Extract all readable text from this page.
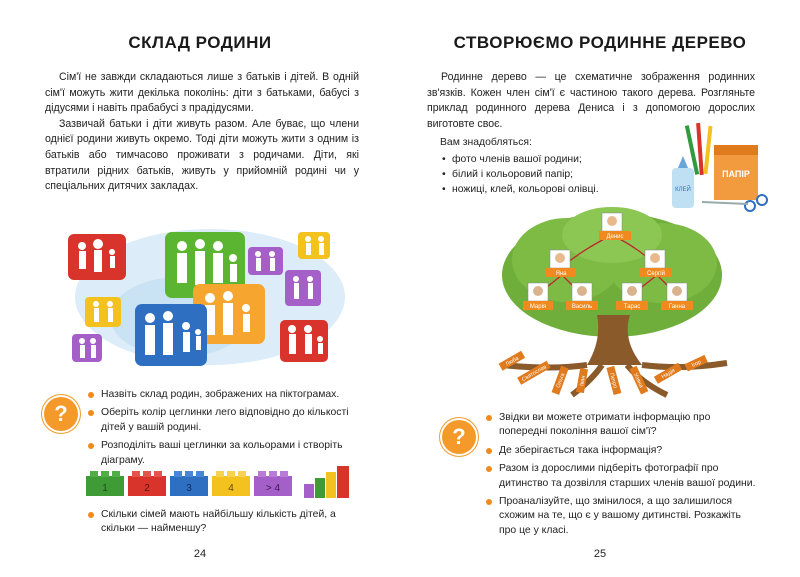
СКЛАД РОДИНИ

Сім'ї не завжди складаються лише з батьків і дітей. В одній сім'ї можуть жити декілька поколінь: діти з батьками, бабусі з дідусями і навіть прабабусі з прадідусями.

Зазвичай батьки і діти живуть разом. Але буває, що члени однієї родини живуть окремо. Тоді діти можуть жити з одним із батьків або тимчасово проживати з родичами. Діти, які втратили рідних батьків, живуть у прийомній родині чи у спеціальних дитячих закладах.

?
Назвіть склад родин, зображених на піктограмах.
Оберіть колір цеглинки лего відповідно до кількості дітей у вашій родині.
Розподіліть ваші цеглинки за кольорами і створіть діаграму.
1	2	3	4	> 4
Скільки сімей мають найбільшу кількість дітей, а скільки — найменшу?
24
СТВОРЮЄМО РОДИННЕ ДЕРЕВО

Родинне дерево — це схематичне зображення родинних зв'язків. Кожен член сім'ї є частиною такого дерева. Розгляньте приклад родинного дерева Дениса і з допомогою дорослих виготовте своє.

Вам знадобляться:
• фото членів вашої родини;
• білий і кольоровий папір;
• ножиці, клей, кольорові олівці.
ПАПІР
КЛЕЙ
Денис
Яна	Сергій
Марія	Василь	Тарас	Ганна
Люба
Святослав Ольга Іван	Петро	Уляна	Надія
Ігор
?
Звідки ви можете отримати інформацію про попередні покоління вашої сім'ї?
Де зберігається така інформація?
Разом із дорослими підберіть фотографії про дитинство та дозвілля старших членів вашої родини.
Проаналізуйте, що змінилося, а що залишилося схожим на те, що є у вашому дитинстві. Розкажіть про це у класі.
25
